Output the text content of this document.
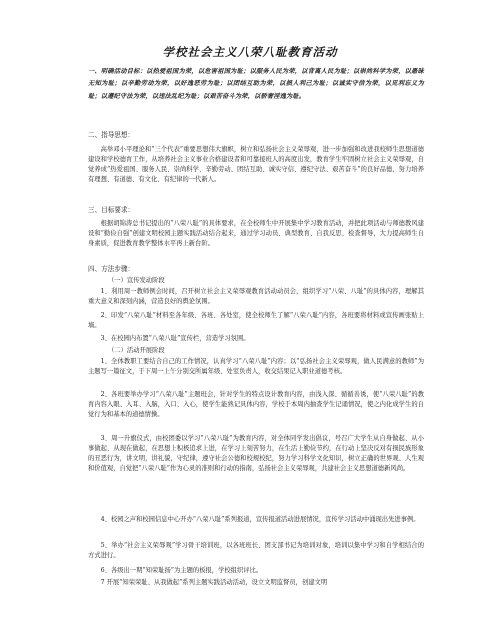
学校社会主义八荣八耻教育活动
一、明确活动目标：以热爱祖国为荣，以危害祖国为耻；以服务人民为荣，以背离人民为耻；以崇尚科学为荣，以愚昧无知为耻；以辛勤劳动为荣，以好逸恶劳为耻；以团结互助为荣，以损人利己为耻；以诚实守信为荣，以见利忘义为耻；以遵纪守法为荣，以违法乱纪为耻；以艰苦奋斗为荣，以骄奢淫逸为耻。
二、指导思想：
高举邓小平理论和“三个代表”重要思想伟大旗帜，树立和弘扬社会主义荣辱观，进一步加强和改进我校师生思想道德建设和学校德育工作，从培养社会主义事业合格建设者和可靠接班人的高度出发，教育学生牢固树立社会主义荣辱观，自觉养成“热爱祖国、服务人民、崇尚科学、辛勤劳动、团结互助、诚实守信、遵纪守法、艰苦奋斗”的良好品德，努力培养有理想、有道德、有文化、有纪律的一代新人。
三、目标要求：
根据胡锦涛总书记提出的“八荣八耻”的具体要求，在全校师生中开展集中学习教育活动，并把此项活动与师德教风建设和“勤俭自强”创建文明校园主题实践活动结合起来，通过学习动员、典型教育、自我反思、检查督导，大力提高师生自身素质，促进教育教学整体水平再上新台阶。
四、方法步骤：
（一）宣传发动阶段
1、利用周一教师例会时间，召开树立社会主义荣辱观教育活动动员会，组织学习“八荣、八耻”的具体内容，理解其重大意义和深刻内涵，营造良好的舆论氛围。
2、印发“八荣八耻”材料至各年级、各班、各处室，使全校师生了解“八荣八耻”内容，各班要将材料或宣传画张贴上墙。
3、在校园内布置“八荣八耻”宣传栏，营造学习氛围。
（二）活动开展阶段
1、全体教职工要结合自己的工作情况，认真学习“八荣八耻”内容；以“弘扬社会主义荣辱观，做人民满意的教师”为主题写一篇征文，于下周一上午分别交所属年级、处室负责人，收交结果记入职业道德考核。
2、各班要举办学习“八荣八耻”主题班会，针对学生的特点设计教育内容，由浅入深、循循善诱，使“八荣八耻”的教育内容入眼、入耳、入脑，入口、入心，使学生能熟记具体内容，学校于本周内抽查学生记诵情况，使之内化成学生的自觉行为和基本的道德情操。
3、周一升旗仪式，由校团委以学习“八荣八耻”为教育内容，对全体同学发出倡议，号召广大学生从自身做起、从小事做起、从现在做起，在思想上积极追求上进，在学习上刻苦努力，在生活上勤俭节约，在行动上坚决反对有损民族形象的丑恶行为，讲文明，讲礼貌，守纪律，遵守社会公德和校规校纪，努力学习科学文化知识，树立正确的世界观、人生观和价值观，自觉把“八荣八耻”作为心灵的准则和行动的指南，弘扬社会主义荣辱观，共建社会主义思想道德新风尚。
4、校园之声和校园信息中心开办“八荣八耻”系列报道，宣传报道活动进展情况，宣传学习活动中涌现出先进事例。
5、举办“社会主义荣辱观”学习骨干培训班，以各班班长、团支部书记为培训对象，培训以集中学习和自学相结合的方式进行。
6、各级出一期“知荣耻扬”为主题的板报，学校组织评比。
7 开展“知荣荣耻、从我做起”系列主题实践活动活动，设立文明监督员，创建文明
